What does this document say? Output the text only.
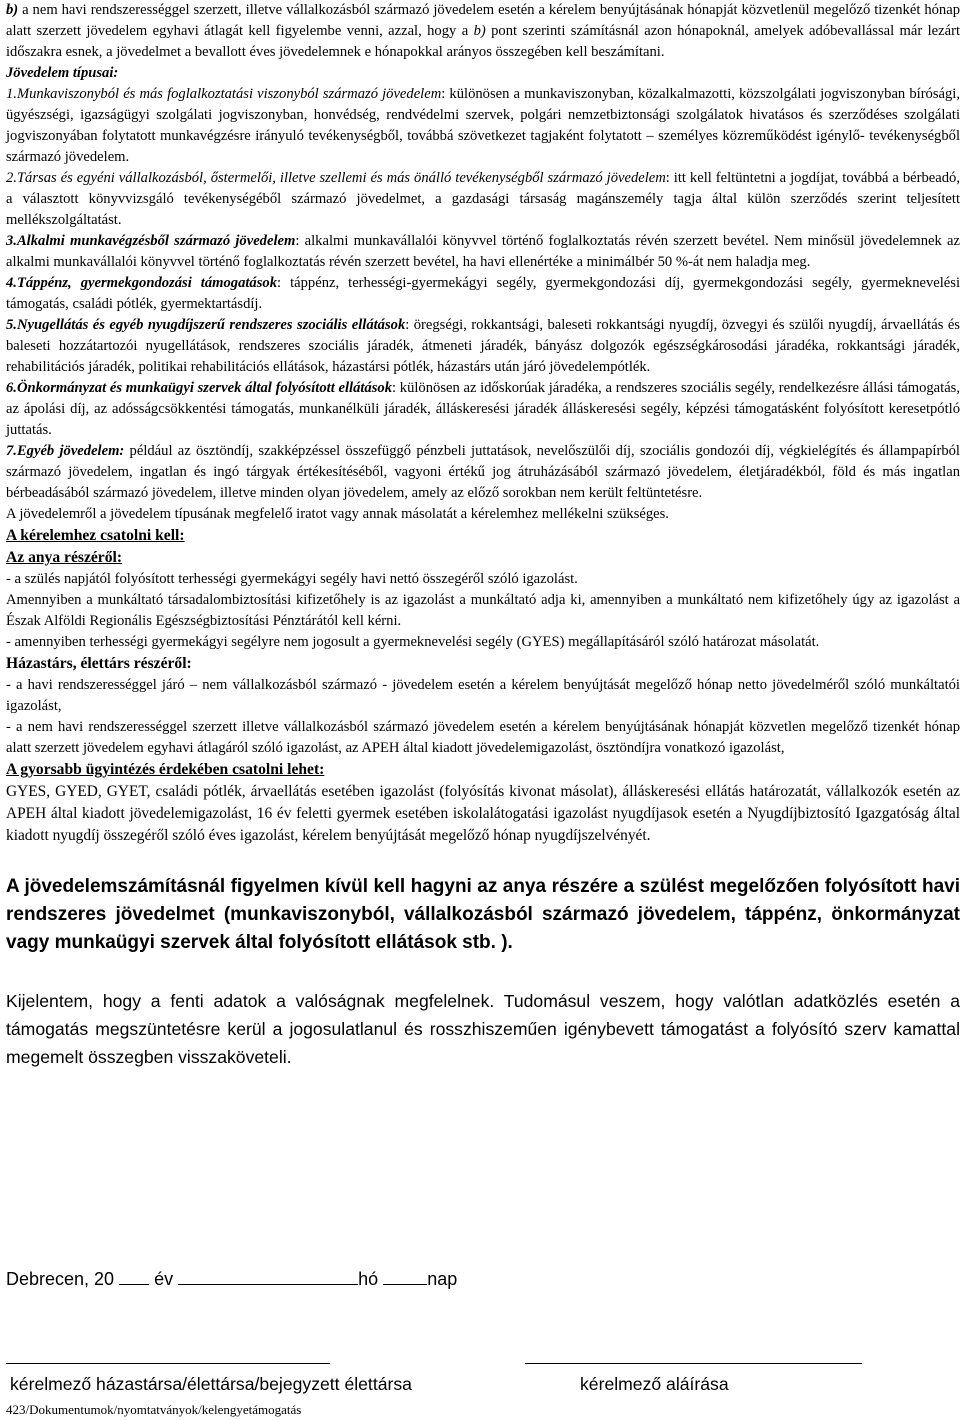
b) a nem havi rendszerességgel szerzett, illetve vállalkozásból származó jövedelem esetén a kérelem benyújtásának hónapját közvetlenül megelőző tizenkét hónap alatt szerzett jövedelem egyhavi átlagát kell figyelembe venni, azzal, hogy a b) pont szerinti számításnál azon hónapoknál, amelyek adóbevallással már lezárt időszakra esnek, a jövedelmet a bevallott éves jövedelemnek e hónapokkal arányos összegében kell beszámítani.

Jövedelem típusai:

1.Munkaviszonyból és más foglalkoztatási viszonyból származó jövedelem: különösen a munkaviszonyban, közalkalmazotti, közszolgálati jogviszonyban bírósági, ügyészségi, igazságügyi szolgálati jogviszonyban, honvédség, rendvédelmi szervek, polgári nemzetbiztonsági szolgálatok hivatásos és szerződéses szolgálati jogviszonyában folytatott munkavégzésre irányuló tevékenységből, továbbá szövetkezet tagjaként folytatott – személyes közreműködést igénylő- tevékenységből származó jövedelem.

2.Társas és egyéni vállalkozásból, őstermelői, illetve szellemi és más önálló tevékenységből származó jövedelem: itt kell feltüntetni a jogdíjat, továbbá a bérbeadó, a választott könyvvizsgáló tevékenységéből származó jövedelmet, a gazdasági társaság magánszemély tagja által külön szerződés szerint teljesített mellékszolgáltatást.

3.Alkalmi munkavégzésből származó jövedelem: alkalmi munkavállalói könyvvel történő foglalkoztatás révén szerzett bevétel. Nem minősül jövedelemnek az alkalmi munkavállalói könyvvel történő foglalkoztatás révén szerzett bevétel, ha havi ellenértéke a minimálbér 50 %-át nem haladja meg.

4.Táppénz, gyermekgondozási támogatások: táppénz, terhességi-gyermekágyi segély, gyermekgondozási díj, gyermekgondozási segély, gyermeknevelési támogatás, családi pótlék, gyermektartásdíj.

5.Nyugellátás és egyéb nyugdíjszerű rendszeres szociális ellátások: öregségi, rokkantsági, baleseti rokkantsági nyugdíj, özvegyi és szülői nyugdíj, árvaellátás és baleseti hozzátartozói nyugellátások, rendszeres szociális járadék, átmeneti járadék, bányász dolgozók egészségkárosodási járadéka, rokkantsági járadék, rehabilitációs járadék, politikai rehabilitációs ellátások, házastársi pótlék, házastárs után járó jövedelempótlék.

6.Önkormányzat és munkaügyi szervek által folyósított ellátások: különösen az időskorúak járadéka, a rendszeres szociális segély, rendelkezésre állási támogatás, az ápolási díj, az adósságcsökkentési támogatás, munkanélküli járadék, álláskeresési járadék álláskeresési segély, képzési támogatásként folyósított keresetpótló juttatás.

7.Egyéb jövedelem: például az ösztöndíj, szakképzéssel összefüggő pénzbeli juttatások, nevelőszülői díj, szociális gondozói díj, végkielégítés és állampapírból származó jövedelem, ingatlan és ingó tárgyak értékesítéséből, vagyoni értékű jog átruházásából származó jövedelem, életjáradékból, föld és más ingatlan bérbeadásából származó jövedelem, illetve minden olyan jövedelem, amely az előző sorokban nem került feltüntetésre.

A jövedelemről a jövedelem típusának megfelelő iratot vagy annak másolatát a kérelemhez mellékelni szükséges.

A kérelemhez csatolni kell:

Az anya részéről:

- a szülés napjától folyósított terhességi gyermekágyi segély havi nettó összegéről szóló igazolást.

Amennyiben a munkáltató társadalombiztosítási kifizetőhely is az igazolást a munkáltató adja ki, amennyiben a munkáltató nem kifizetőhely úgy az igazolást a Észak Alföldi Regionális Egészségbiztosítási Pénztárától kell kérni.

- amennyiben terhességi gyermekágyi segélyre nem jogosult a gyermeknevelési segély (GYES) megállapításáról szóló határozat másolatát.

Házastárs, élettárs részéről:

- a havi rendszerességgel járó – nem vállalkozásból származó - jövedelem esetén a kérelem benyújtását megelőző hónap netto jövedelméről szóló munkáltatói igazolást,

- a nem havi rendszerességgel szerzett illetve vállalkozásból származó jövedelem esetén a kérelem benyújtásának hónapját közvetlen megelőző tizenkét hónap alatt szerzett jövedelem egyhavi átlagáról szóló igazolást, az APEH által kiadott jövedelemigazolást, ösztöndíjra vonatkozó igazolást,

A gyorsabb ügyintézés érdekében csatolni lehet:

GYES, GYED, GYET, családi pótlék, árvaellátás esetében igazolást (folyósítás kivonat másolat), álláskeresési ellátás határozatát, vállalkozók esetén az APEH által kiadott jövedelemigazolást, 16 év feletti gyermek esetében iskolalátogatási igazolást nyugdíjasok esetén a Nyugdíjbiztosító Igazgatóság által kiadott nyugdíj összegéről szóló éves igazolást, kérelem benyújtását megelőző hónap nyugdíjszelvényét.

A jövedelemszámításnál figyelmen kívül kell hagyni az anya részére a szülést megelőzően folyósított havi rendszeres jövedelmet (munkaviszonyból, vállalkozásból származó jövedelem, táppénz, önkormányzat vagy munkaügyi szervek által folyósított ellátások stb. ).

Kijelentem, hogy a fenti adatok a valóságnak megfelelnek. Tudomásul veszem, hogy valótlan adatközlés esetén a támogatás megszüntetésre kerül a jogosulatlanul és rosszhiszeműen igénybevett támogatást a folyósító szerv kamattal megemelt összegben visszaköveteli.

Debrecen, 20 év	hó	nap
kérelmező házastársa/élettársa/bejegyzett élettársa	kérelmező aláírása
423/Dokumentumok/nyomtatványok/kelengyetámogatás
